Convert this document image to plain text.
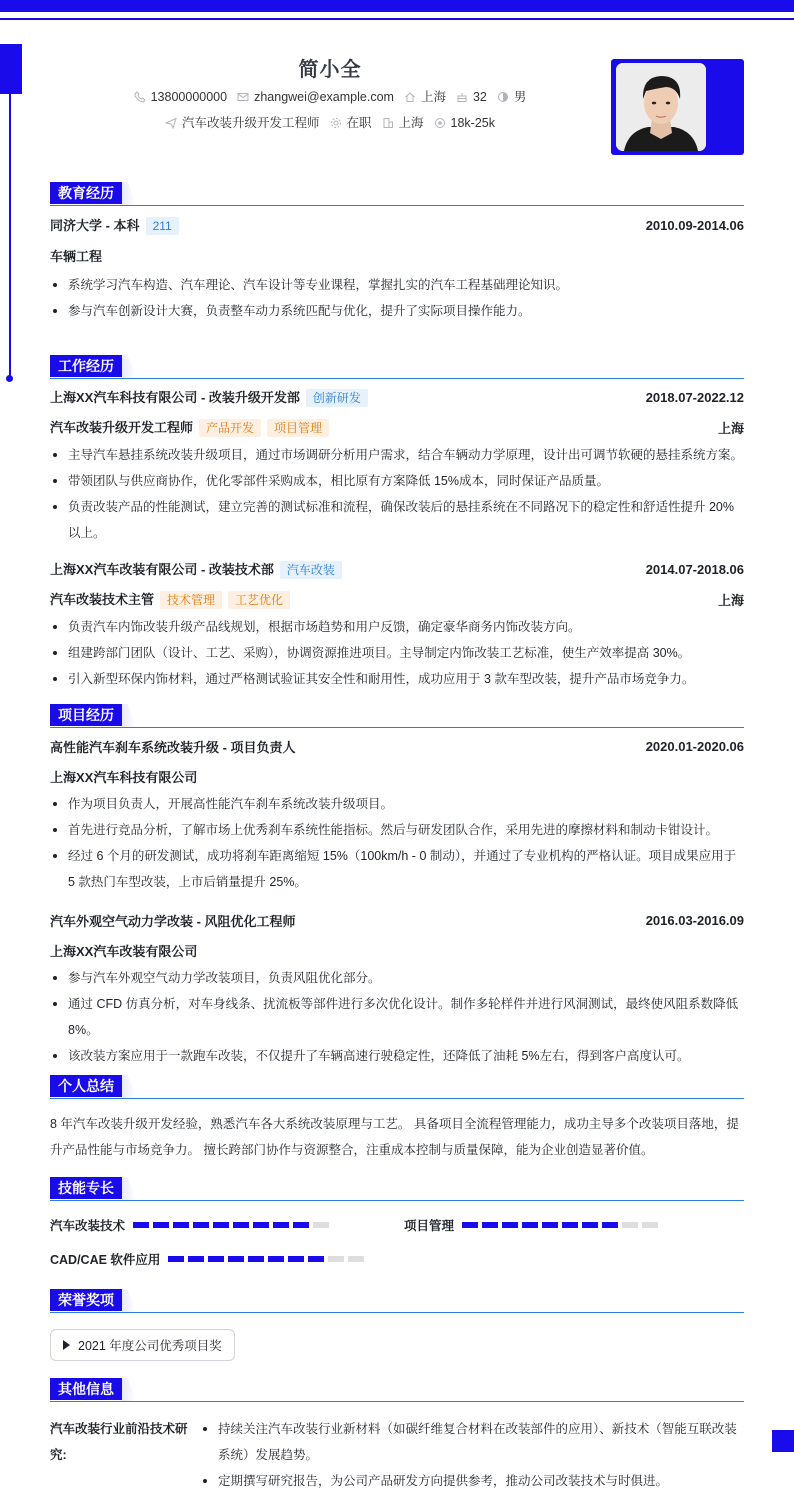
简小全
13800000000 zhangwei@example.com 上海 32 男
汽车改装升级开发工程师 在职 上海 18k-25k
教育经历
同济大学 - 本科 211	2010.09-2014.06
车辆工程
系统学习汽车构造、汽车理论、汽车设计等专业课程，掌握扎实的汽车工程基础理论知识。
参与汽车创新设计大赛，负责整车动力系统匹配与优化，提升了实际项目操作能力。
工作经历
上海XX汽车科技有限公司 - 改装升级开发部 创新研发	2018.07-2022.12
汽车改装升级开发工程师 产品开发 项目管理	上海
主导汽车悬挂系统改装升级项目，通过市场调研分析用户需求，结合车辆动力学原理，设计出可调节软硬的悬挂系统方案。
带领团队与供应商协作，优化零部件采购成本，相比原有方案降低 15%成本，同时保证产品质量。
负责改装产品的性能测试，建立完善的测试标准和流程，确保改装后的悬挂系统在不同路况下的稳定性和舒适性提升 20%以上。
上海XX汽车改装有限公司 - 改装技术部 汽车改装	2014.07-2018.06
汽车改装技术主管 技术管理 工艺优化	上海
负责汽车内饰改装升级产品线规划，根据市场趋势和用户反馈，确定豪华商务内饰改装方向。
组建跨部门团队（设计、工艺、采购），协调资源推进项目。主导制定内饰改装工艺标准，使生产效率提高 30%。
引入新型环保内饰材料，通过严格测试验证其安全性和耐用性，成功应用于 3 款车型改装，提升产品市场竞争力。
项目经历
高性能汽车刹车系统改装升级 - 项目负责人	2020.01-2020.06
上海XX汽车科技有限公司
作为项目负责人，开展高性能汽车刹车系统改装升级项目。
首先进行竞品分析，了解市场上优秀刹车系统性能指标。然后与研发团队合作，采用先进的摩擦材料和制动卡钳设计。
经过 6 个月的研发测试，成功将刹车距离缩短 15%（100km/h - 0 制动），并通过了专业机构的严格认证。项目成果应用于 5 款热门车型改装，上市后销量提升 25%。
汽车外观空气动力学改装 - 风阻优化工程师	2016.03-2016.09
上海XX汽车改装有限公司
参与汽车外观空气动力学改装项目，负责风阻优化部分。
通过 CFD 仿真分析，对车身线条、扰流板等部件进行多次优化设计。制作多轮样件并进行风洞测试，最终使风阻系数降低 8%。
该改装方案应用于一款跑车改装，不仅提升了车辆高速行驶稳定性，还降低了油耗 5%左右，得到客户高度认可。
个人总结

8 年汽车改装升级开发经验，熟悉汽车各大系统改装原理与工艺。 具备项目全流程管理能力，成功主导多个改装项目落地，提升产品性能与市场竞争力。 擅长跨部门协作与资源整合，注重成本控制与质量保障，能为企业创造显著价值。

技能专长
汽车改装技术	项目管理
CAD/CAE 软件应用
荣誉奖项
2021 年度公司优秀项目奖
其他信息
汽车改装行业前沿技术研究:
持续关注汽车改装行业新材料（如碳纤维复合材料在改装部件的应用）、新技术（智能互联改装系统）发展趋势。
定期撰写研究报告，为公司产品研发方向提供参考，推动公司改装技术与时俱进。
